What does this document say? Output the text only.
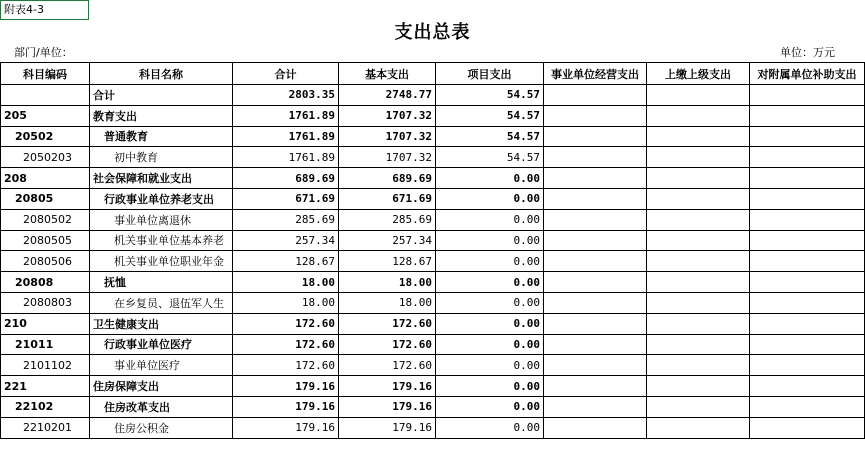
附表4-3
支出总表
部门/单位：	单位：万元
科目编码	科目名称	合计	基本支出	项目支出	事业单位经营支出	上缴上级支出	对附属单位补助支出
	合计	2803.35	2748.77	54.57			
205	教育支出	1761.89	1707.32	54.57			
20502	普通教育	1761.89	1707.32	54.57			
2050203	初中教育	1761.89	1707.32	54.57			
208	社会保障和就业支出	689.69	689.69	0.00			
20805	行政事业单位养老支出	671.69	671.69	0.00			
2080502	事业单位离退休	285.69	285.69	0.00			
2080505	机关事业单位基本养老	257.34	257.34	0.00			
2080506	机关事业单位职业年金	128.67	128.67	0.00			
20808	抚恤	18.00	18.00	0.00			
2080803	在乡复员、退伍军人生	18.00	18.00	0.00			
210	卫生健康支出	172.60	172.60	0.00			
21011	行政事业单位医疗	172.60	172.60	0.00			
2101102	事业单位医疗	172.60	172.60	0.00			
221	住房保障支出	179.16	179.16	0.00			
22102	住房改革支出	179.16	179.16	0.00			
2210201	住房公积金	179.16	179.16	0.00			
